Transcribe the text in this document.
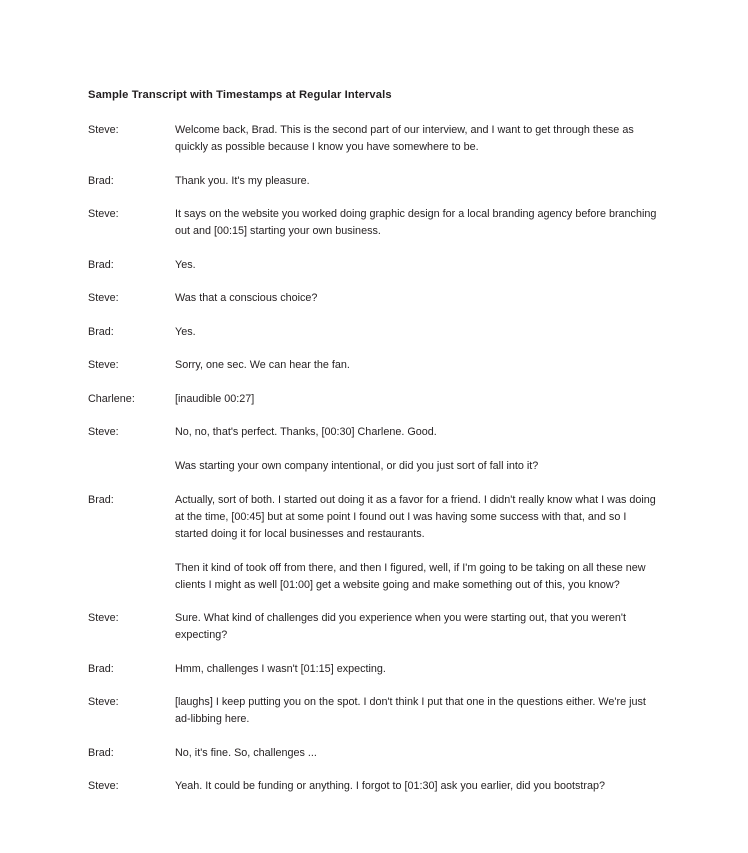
Sample Transcript with Timestamps at Regular Intervals
Steve:	Welcome back, Brad. This is the second part of our interview, and I want to get through these as quickly as possible because I know you have somewhere to be.

Brad:	Thank you. It's my pleasure.

Steve:	It says on the website you worked doing graphic design for a local branding agency before branching out and [00:15] starting your own business.

Brad:	Yes.

Steve:	Was that a conscious choice?

Brad:	Yes.

Steve:	Sorry, one sec. We can hear the fan.

Charlene:	[inaudible 00:27]

Steve:	No, no, that's perfect. Thanks, [00:30] Charlene. Good.

Was starting your own company intentional, or did you just sort of fall into it?

Brad:	Actually, sort of both. I started out doing it as a favor for a friend. I didn't really know what I was doing at the time, [00:45] but at some point I found out I was having some success with that, and so I started doing it for local businesses and restaurants.

Then it kind of took off from there, and then I figured, well, if I'm going to be taking on all these new clients I might as well [01:00] get a website going and make something out of this, you know?

Steve:	Sure. What kind of challenges did you experience when you were starting out, that you weren't expecting?

Brad:	Hmm, challenges I wasn't [01:15] expecting.

Steve:	[laughs] I keep putting you on the spot. I don't think I put that one in the questions either. We're just ad-libbing here.

Brad:	No, it's fine. So, challenges ...

Steve:	Yeah. It could be funding or anything. I forgot to [01:30] ask you earlier, did you bootstrap?
